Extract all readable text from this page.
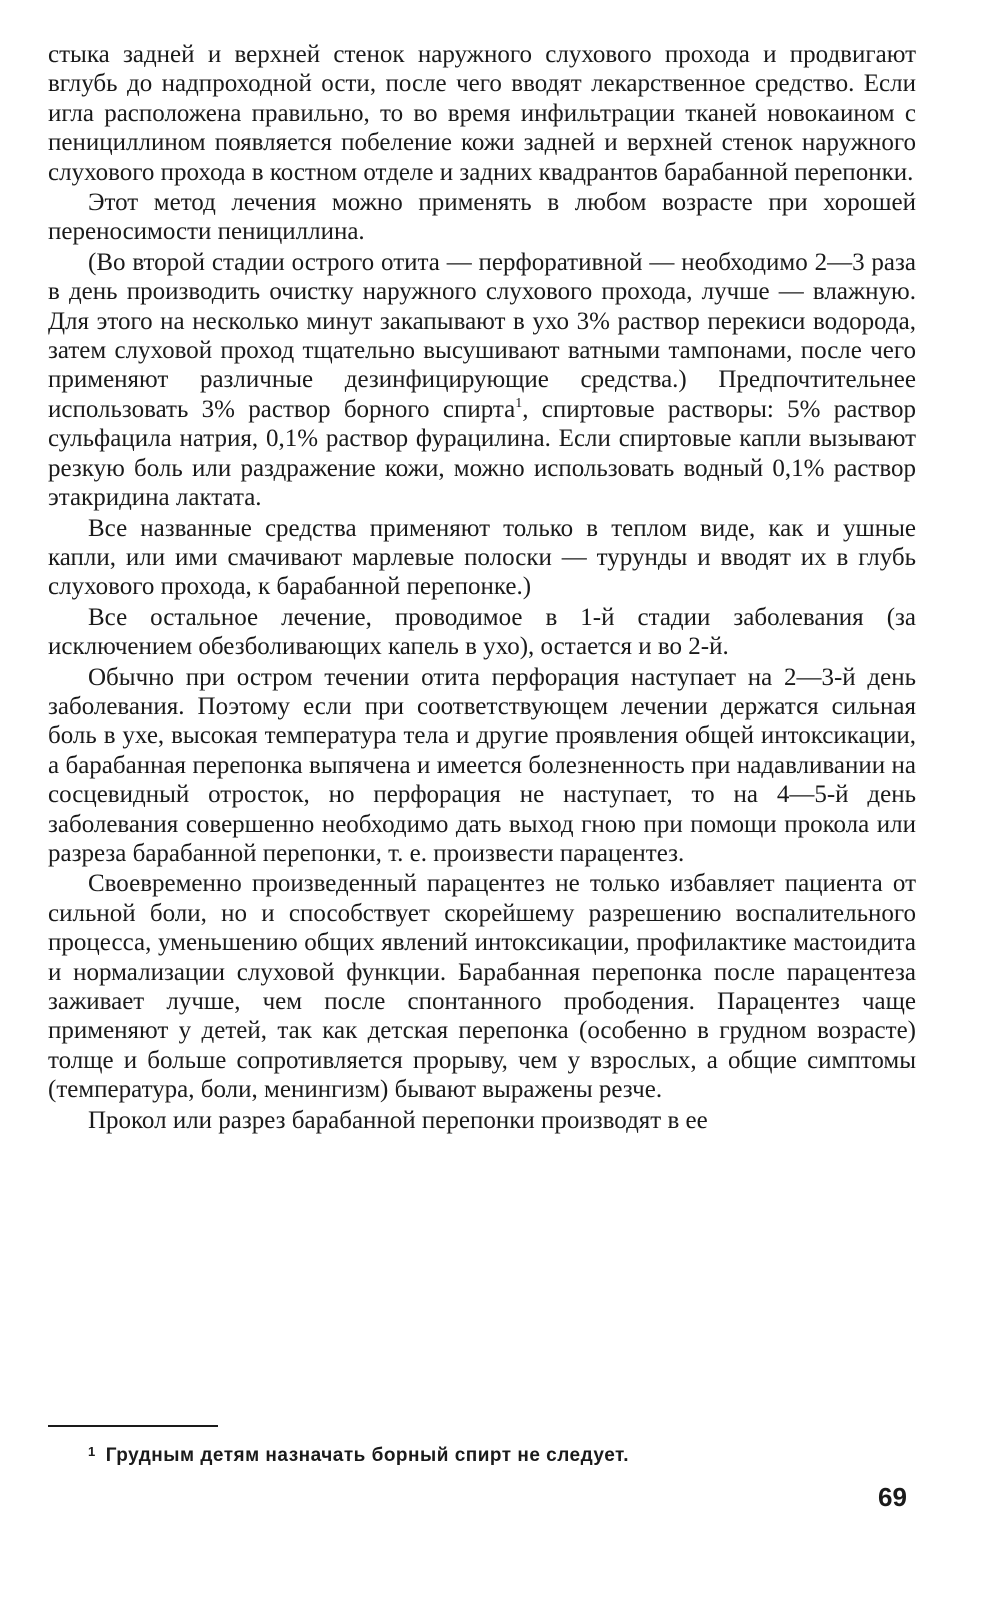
стыка задней и верхней стенок наружного слухового прохода и продвигают вглубь до надпроходной ости, после чего вводят лекарственное средство. Если игла расположена правильно, то во время инфильтрации тканей новокаином с пенициллином появляется побеление кожи задней и верхней стенок наружного слухового прохода в костном отделе и задних квадрантов барабанной перепонки.

Этот метод лечения можно применять в любом возрасте при хорошей переносимости пенициллина.

(Во второй стадии острого отита — перфоративной — необходимо 2—3 раза в день производить очистку наружного слухового прохода, лучше — влажную. Для этого на несколько минут закапывают в ухо 3% раствор перекиси водорода, затем слуховой проход тщательно высушивают ватными тампонами, после чего применяют различные дезинфицирующие средства.) Предпочтительнее использовать 3% раствор борного спирта$^1$, спиртовые растворы: 5% раствор сульфацила натрия, 0,1% раствор фурацилина. Если спиртовые капли вызывают резкую боль или раздражение кожи, можно использовать водный 0,1% раствор этакридина лактата.

Все названные средства применяют только в теплом виде, как и ушные капли, или ими смачивают марлевые полоски — турунды и вводят их в глубь слухового прохода, к барабанной перепонке.)

Все остальное лечение, проводимое в 1-й стадии заболевания (за исключением обезболивающих капель в ухо), остается и во 2-й.

Обычно при остром течении отита перфорация наступает на 2—3-й день заболевания. Поэтому если при соответствующем лечении держатся сильная боль в ухе, высокая температура тела и другие проявления общей интоксикации, а барабанная перепонка выпячена и имеется болезненность при надавливании на сосцевидный отросток, но перфорация не наступает, то на 4—5-й день заболевания совершенно необходимо дать выход гною при помощи прокола или разреза барабанной перепонки, т. е. произвести парацентез.

Своевременно произведенный парацентез не только избавляет пациента от сильной боли, но и способствует скорейшему разрешению воспалительного процесса, уменьшению общих явлений интоксикации, профилактике мастоидита и нормализации слуховой функции. Барабанная перепонка после парацентеза заживает лучше, чем после спонтанного прободения. Парацентез чаще применяют у детей, так как детская перепонка (особенно в грудном возрасте) толще и больше сопротивляется прорыву, чем у взрослых, а общие симптомы (температура, боли, менингизм) бывают выражены резче.

Прокол или разрез барабанной перепонки производят в ее

$^1$ Грудным детям назначать борный спирт не следует.
69
